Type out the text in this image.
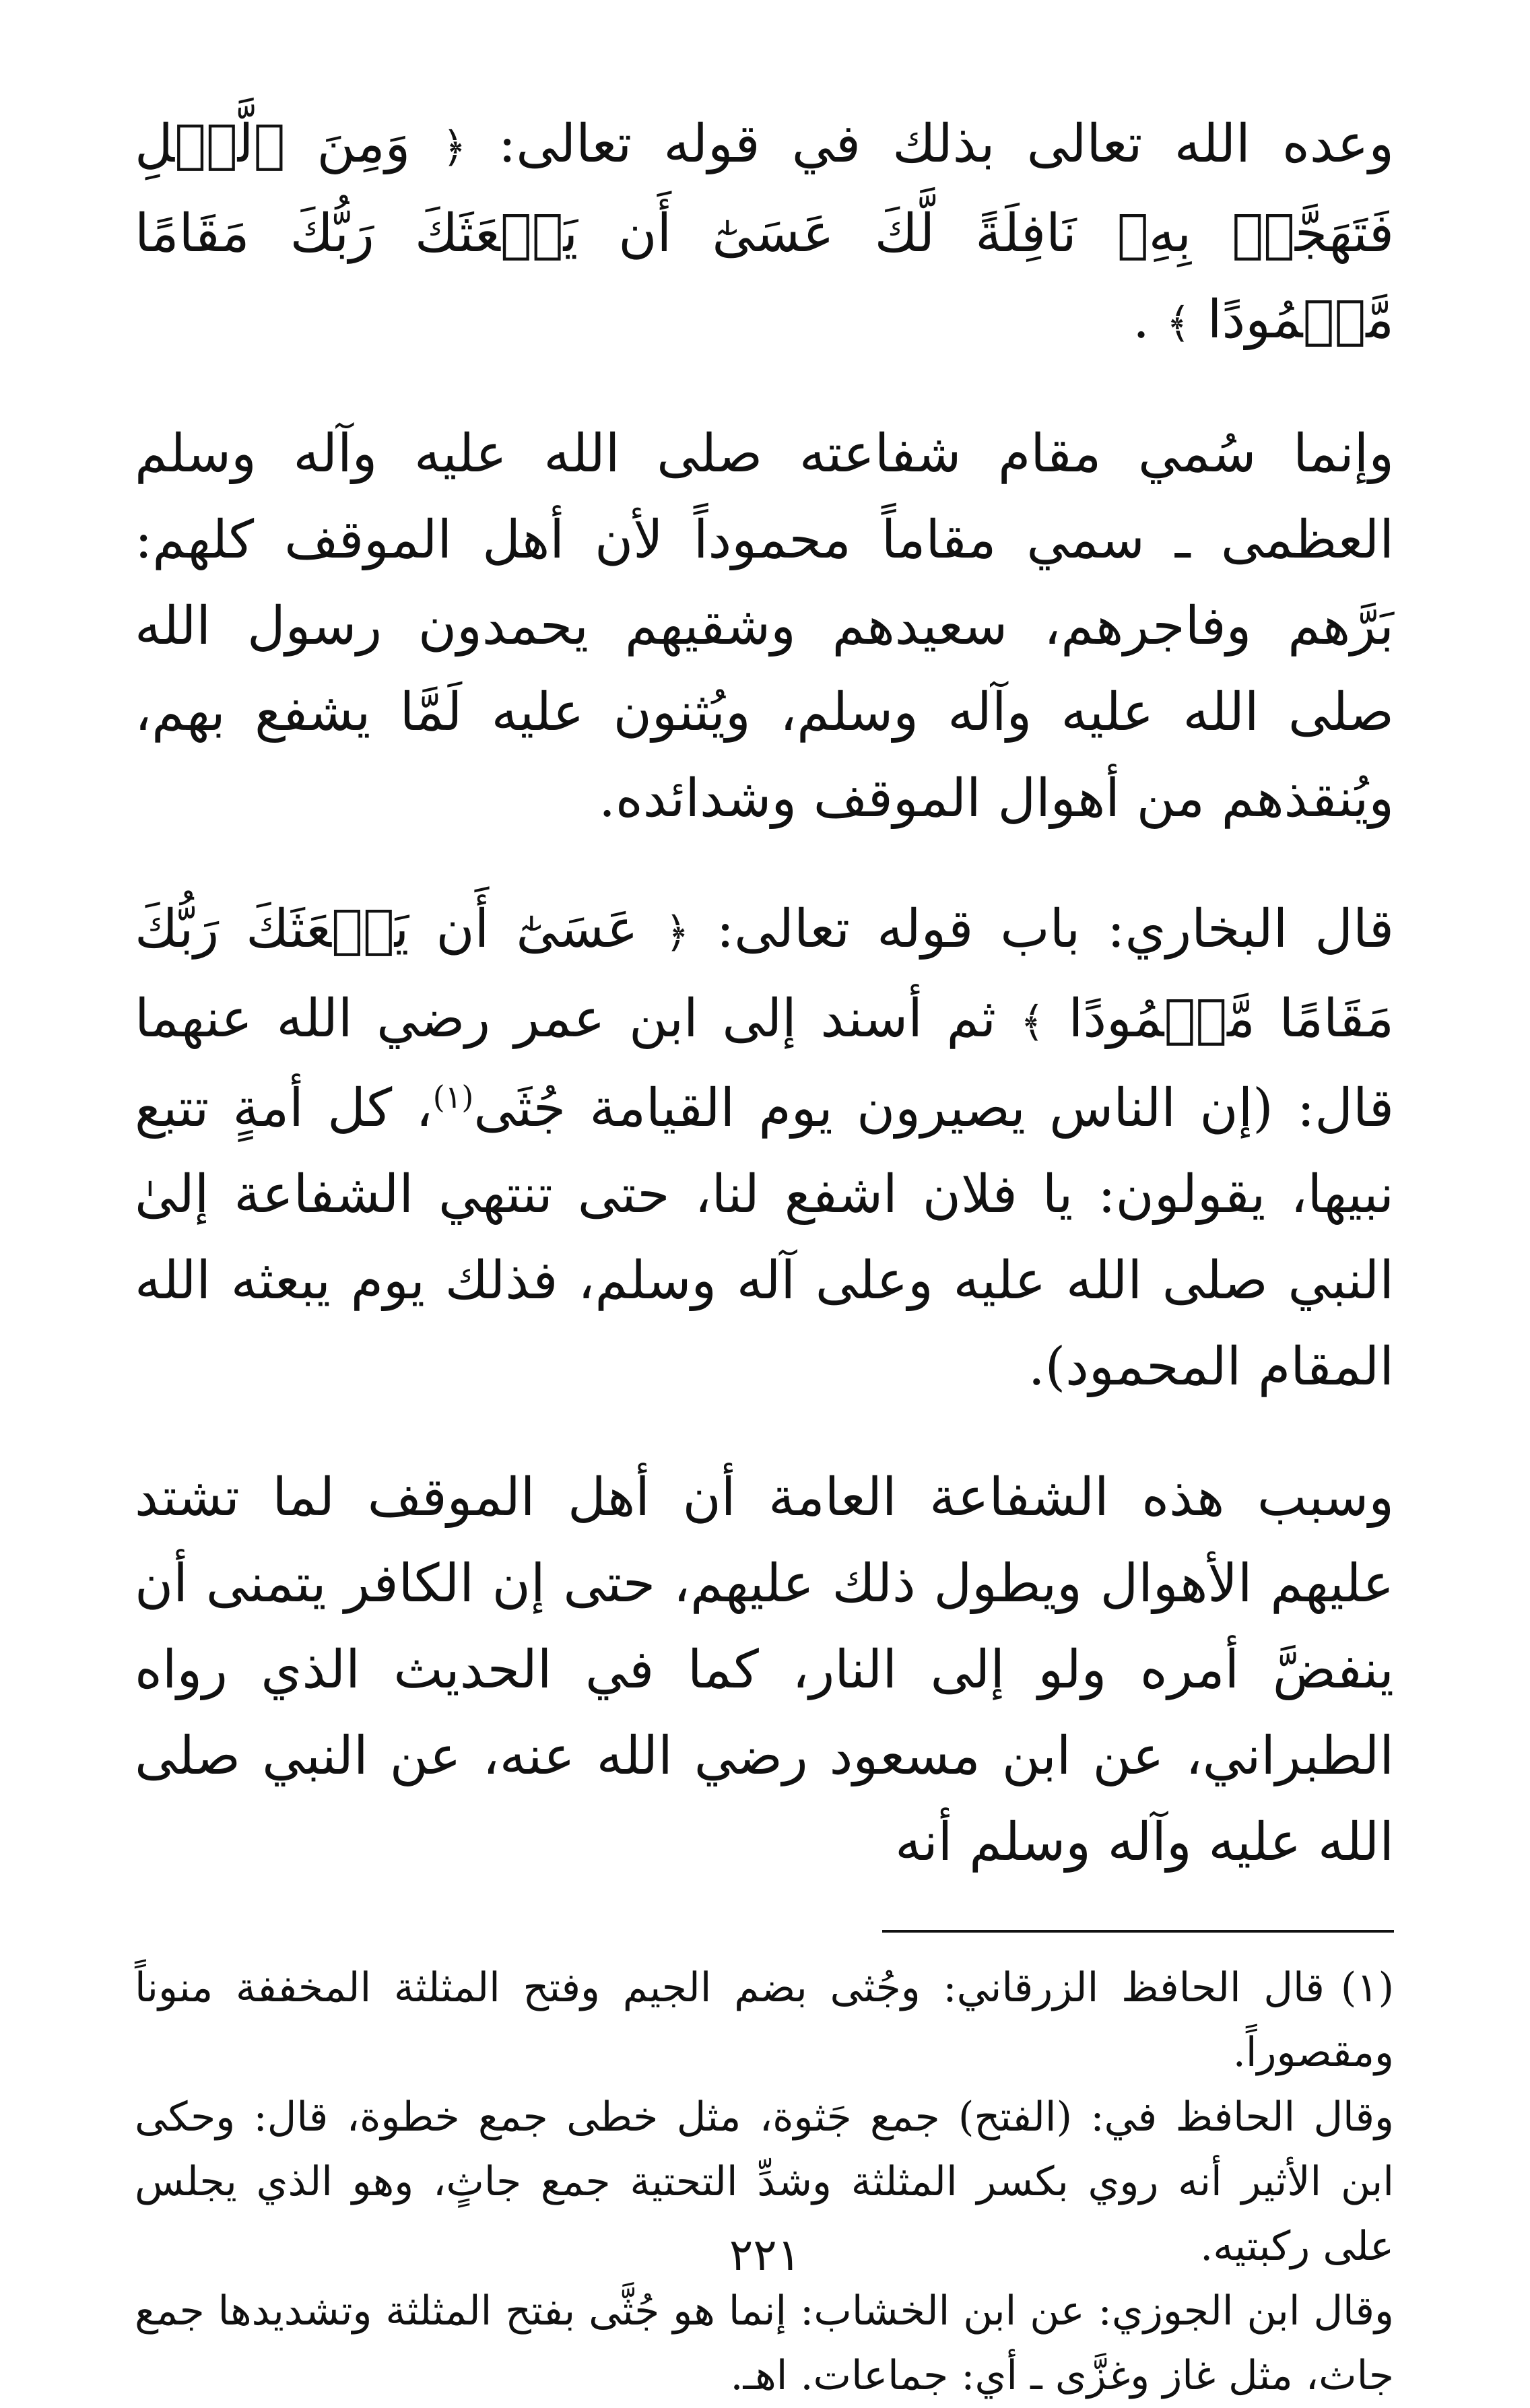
وعده الله تعالى بذلك في قوله تعالى: ﴿ وَمِنَ ٱلَّيۡلِ فَتَهَجَّدۡ بِهِۦ نَافِلَةً لَّكَ عَسَىٰٓ أَن يَبۡعَثَكَ رَبُّكَ مَقَامًا مَّحۡمُودًا ﴾ .

وإنما سُمي مقام شفاعته صلى الله عليه وآله وسلم العظمى ـ سمي مقاماً محموداً لأن أهل الموقف كلهم: بَرَّهم وفاجرهم، سعيدهم وشقيهم يحمدون رسول الله صلى الله عليه وآله وسلم، ويُثنون عليه لَمَّا يشفع بهم، ويُنقذهم من أهوال الموقف وشدائده.

قال البخاري: باب قوله تعالى: ﴿ عَسَىٰٓ أَن يَبۡعَثَكَ رَبُّكَ مَقَامًا مَّحۡمُودًا ﴾ ثم أسند إلى ابن عمر رضي الله عنهما قال: (إن الناس يصيرون يوم القيامة جُثَى$^{(١)}$، كل أمةٍ تتبع نبيها، يقولون: يا فلان اشفع لنا، حتى تنتهي الشفاعة إلىٰ النبي صلى الله عليه وعلى آله وسلم، فذلك يوم يبعثه الله المقام المحمود).

وسبب هذه الشفاعة العامة أن أهل الموقف لما تشتد عليهم الأهوال ويطول ذلك عليهم، حتى إن الكافر يتمنى أن ينفضَّ أمره ولو إلى النار، كما في الحديث الذي رواه الطبراني، عن ابن مسعود رضي الله عنه، عن النبي صلى الله عليه وآله وسلم أنه

(١)قال الحافظ الزرقاني: وجُثى بضم الجيم وفتح المثلثة المخففة منوناً ومقصوراً.

وقال الحافظ في: (الفتح) جمع جَثوة، مثل خطى جمع خطوة، قال: وحكى ابن الأثير أنه روي بكسر المثلثة وشدِّ التحتية جمع جاثٍ، وهو الذي يجلس على ركبتيه.

وقال ابن الجوزي: عن ابن الخشاب: إنما هو جُثَّى بفتح المثلثة وتشديدها جمع جاث، مثل غاز وغزَّى ـ أي: جماعات. اهـ.

٢٢١
